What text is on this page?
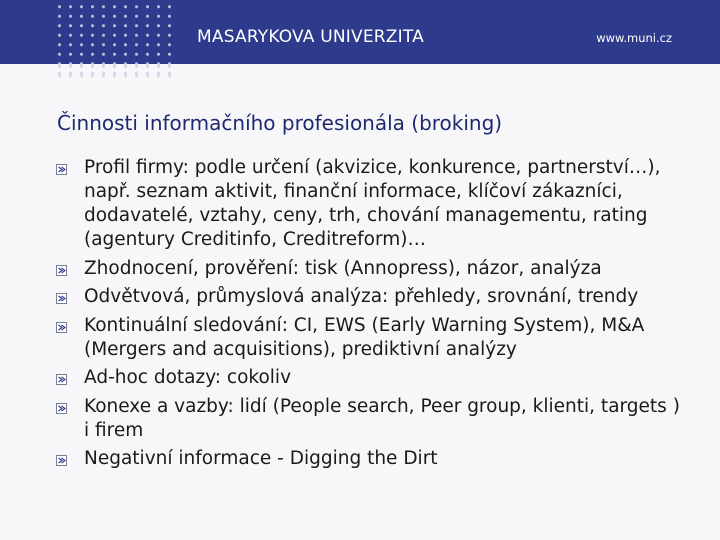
MASARYKOVA UNIVERZITA	www.muni.cz
Činnosti informačního profesionála (broking)
Profil firmy: podle určení (akvizice, konkurence, partnerství…), např. seznam aktivit, finanční informace, klíčoví zákazníci, dodavatelé, vztahy, ceny, trh, chování managementu, rating (agentury Creditinfo, Creditreform)…
Zhodnocení, prověření: tisk (Annopress), názor, analýza
Odvětvová, průmyslová analýza: přehledy, srovnání, trendy
Kontinuální sledování: CI, EWS (Early Warning System), M&A (Mergers and acquisitions), prediktivní analýzy
Ad-hoc dotazy: cokoliv
Konexe a vazby: lidí (People search, Peer group, klienti, targets ) i firem
Negativní informace - Digging the Dirt
